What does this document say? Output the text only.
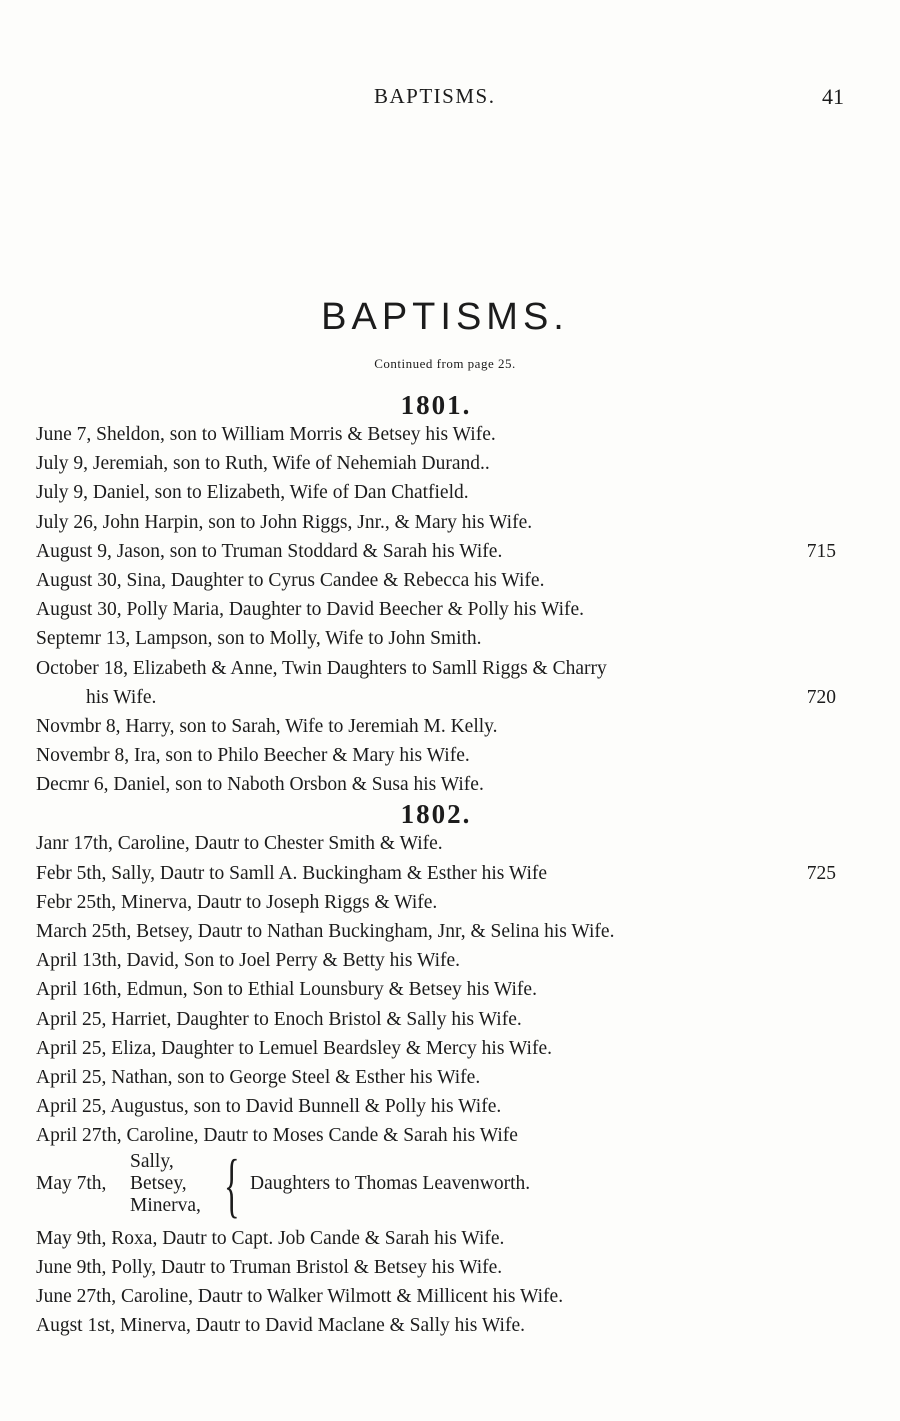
BAPTISMS.	41
BAPTISMS.
Continued from page 25.
1801.
June 7, Sheldon, son to William Morris & Betsey his Wife.
July 9, Jeremiah, son to Ruth, Wife of Nehemiah Durand..
July 9, Daniel, son to Elizabeth, Wife of Dan Chatfield.
July 26, John Harpin, son to John Riggs, Jnr., & Mary his Wife.
August 9, Jason, son to Truman Stoddard & Sarah his Wife.	715
August 30, Sina, Daughter to Cyrus Candee & Rebecca his Wife.
August 30, Polly Maria, Daughter to David Beecher & Polly his Wife.
Septemr 13, Lampson, son to Molly, Wife to John Smith.
October 18, Elizabeth & Anne, Twin Daughters to Samll Riggs & Charry
his Wife.	720
Novmbr 8, Harry, son to Sarah, Wife to Jeremiah M. Kelly.
Novembr 8, Ira, son to Philo Beecher & Mary his Wife.
Decmr 6, Daniel, son to Naboth Orsbon & Susa his Wife.
1802.
Janr 17th, Caroline, Dautr to Chester Smith & Wife.
Febr 5th, Sally, Dautr to Samll A. Buckingham & Esther his Wife	725
Febr 25th, Minerva, Dautr to Joseph Riggs & Wife.
March 25th, Betsey, Dautr to Nathan Buckingham, Jnr, & Selina his Wife.
April 13th, David, Son to Joel Perry & Betty his Wife.
April 16th, Edmun, Son to Ethial Lounsbury & Betsey his Wife.
April 25, Harriet, Daughter to Enoch Bristol & Sally his Wife.
April 25, Eliza, Daughter to Lemuel Beardsley & Mercy his Wife.
April 25, Nathan, son to George Steel & Esther his Wife.
April 25, Augustus, son to David Bunnell & Polly his Wife.
April 27th, Caroline, Dautr to Moses Cande & Sarah his Wife
May 7th,
Sally,
Betsey,
Minerva, { Daughters to Thomas Leavenworth.
May 9th, Roxa, Dautr to Capt. Job Cande & Sarah his Wife.
June 9th, Polly, Dautr to Truman Bristol & Betsey his Wife.
June 27th, Caroline, Dautr to Walker Wilmott & Millicent his Wife.
Augst 1st, Minerva, Dautr to David Maclane & Sally his Wife.
